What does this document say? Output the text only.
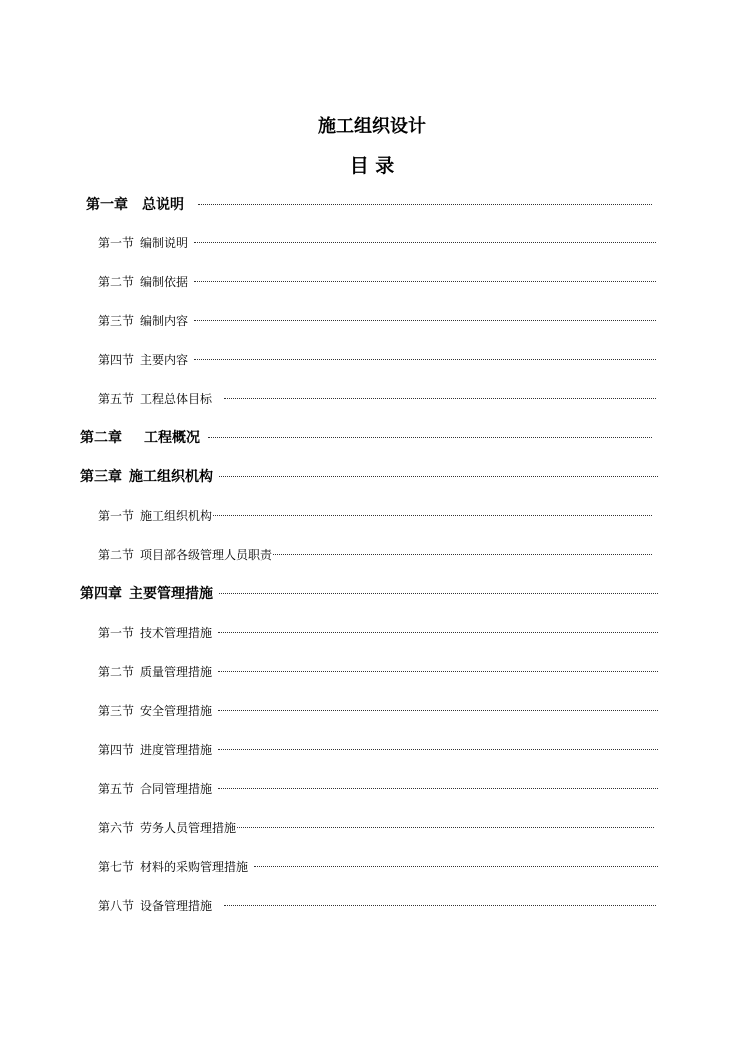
施工组织设计
目 录
第一章 总说明
第一节 编制说明
第二节 编制依据
第三节 编制内容
第四节 主要内容
第五节 工程总体目标
第二章 工程概况
第三章 施工组织机构
第一节 施工组织机构
第二节 项目部各级管理人员职责
第四章 主要管理措施
第一节 技术管理措施
第二节 质量管理措施
第三节 安全管理措施
第四节 进度管理措施
第五节 合同管理措施
第六节 劳务人员管理措施
第七节 材料的采购管理措施
第八节 设备管理措施
